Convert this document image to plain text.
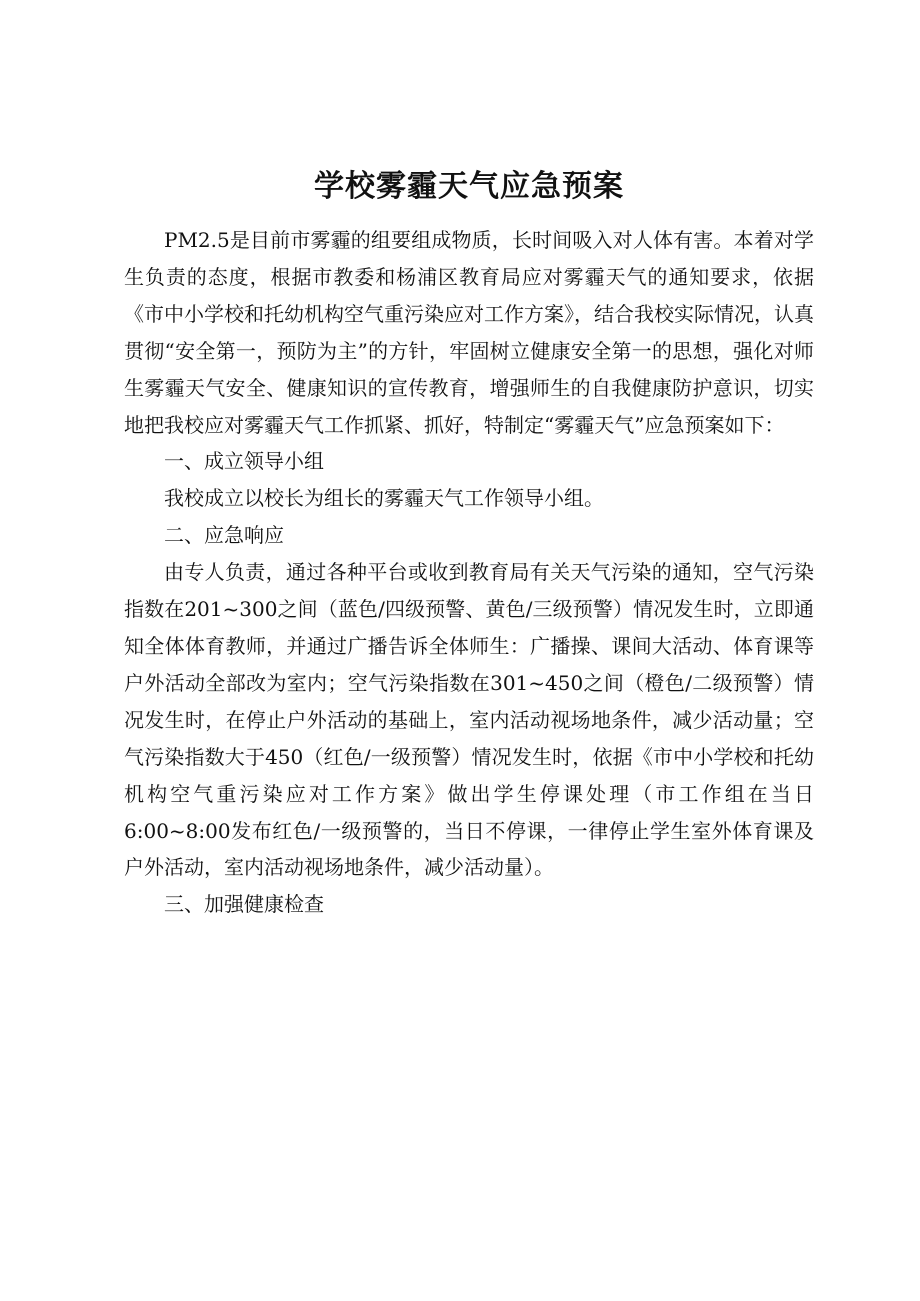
学校雾霾天气应急预案

PM2.5是目前市雾霾的组要组成物质，长时间吸入对人体有害。本着对学生负责的态度，根据市教委和杨浦区教育局应对雾霾天气的通知要求，依据《市中小学校和托幼机构空气重污染应对工作方案》，结合我校实际情况，认真贯彻“安全第一，预防为主”的方针，牢固树立健康安全第一的思想，强化对师生雾霾天气安全、健康知识的宣传教育，增强师生的自我健康防护意识，切实地把我校应对雾霾天气工作抓紧、抓好，特制定“雾霾天气”应急预案如下：

一、成立领导小组

我校成立以校长为组长的雾霾天气工作领导小组。

二、应急响应

由专人负责，通过各种平台或收到教育局有关天气污染的通知，空气污染指数在201~300之间（蓝色/四级预警、黄色/三级预警）情况发生时，立即通知全体体育教师，并通过广播告诉全体师生：广播操、课间大活动、体育课等户外活动全部改为室内；空气污染指数在301~450之间（橙色/二级预警）情况发生时，在停止户外活动的基础上，室内活动视场地条件，减少活动量；空气污染指数大于450（红色/一级预警）情况发生时，依据《市中小学校和托幼机构空气重污染应对工作方案》做出学生停课处理（市工作组在当日6:00~8:00发布红色/一级预警的，当日不停课，一律停止学生室外体育课及户外活动，室内活动视场地条件，减少活动量）。

三、加强健康检查
